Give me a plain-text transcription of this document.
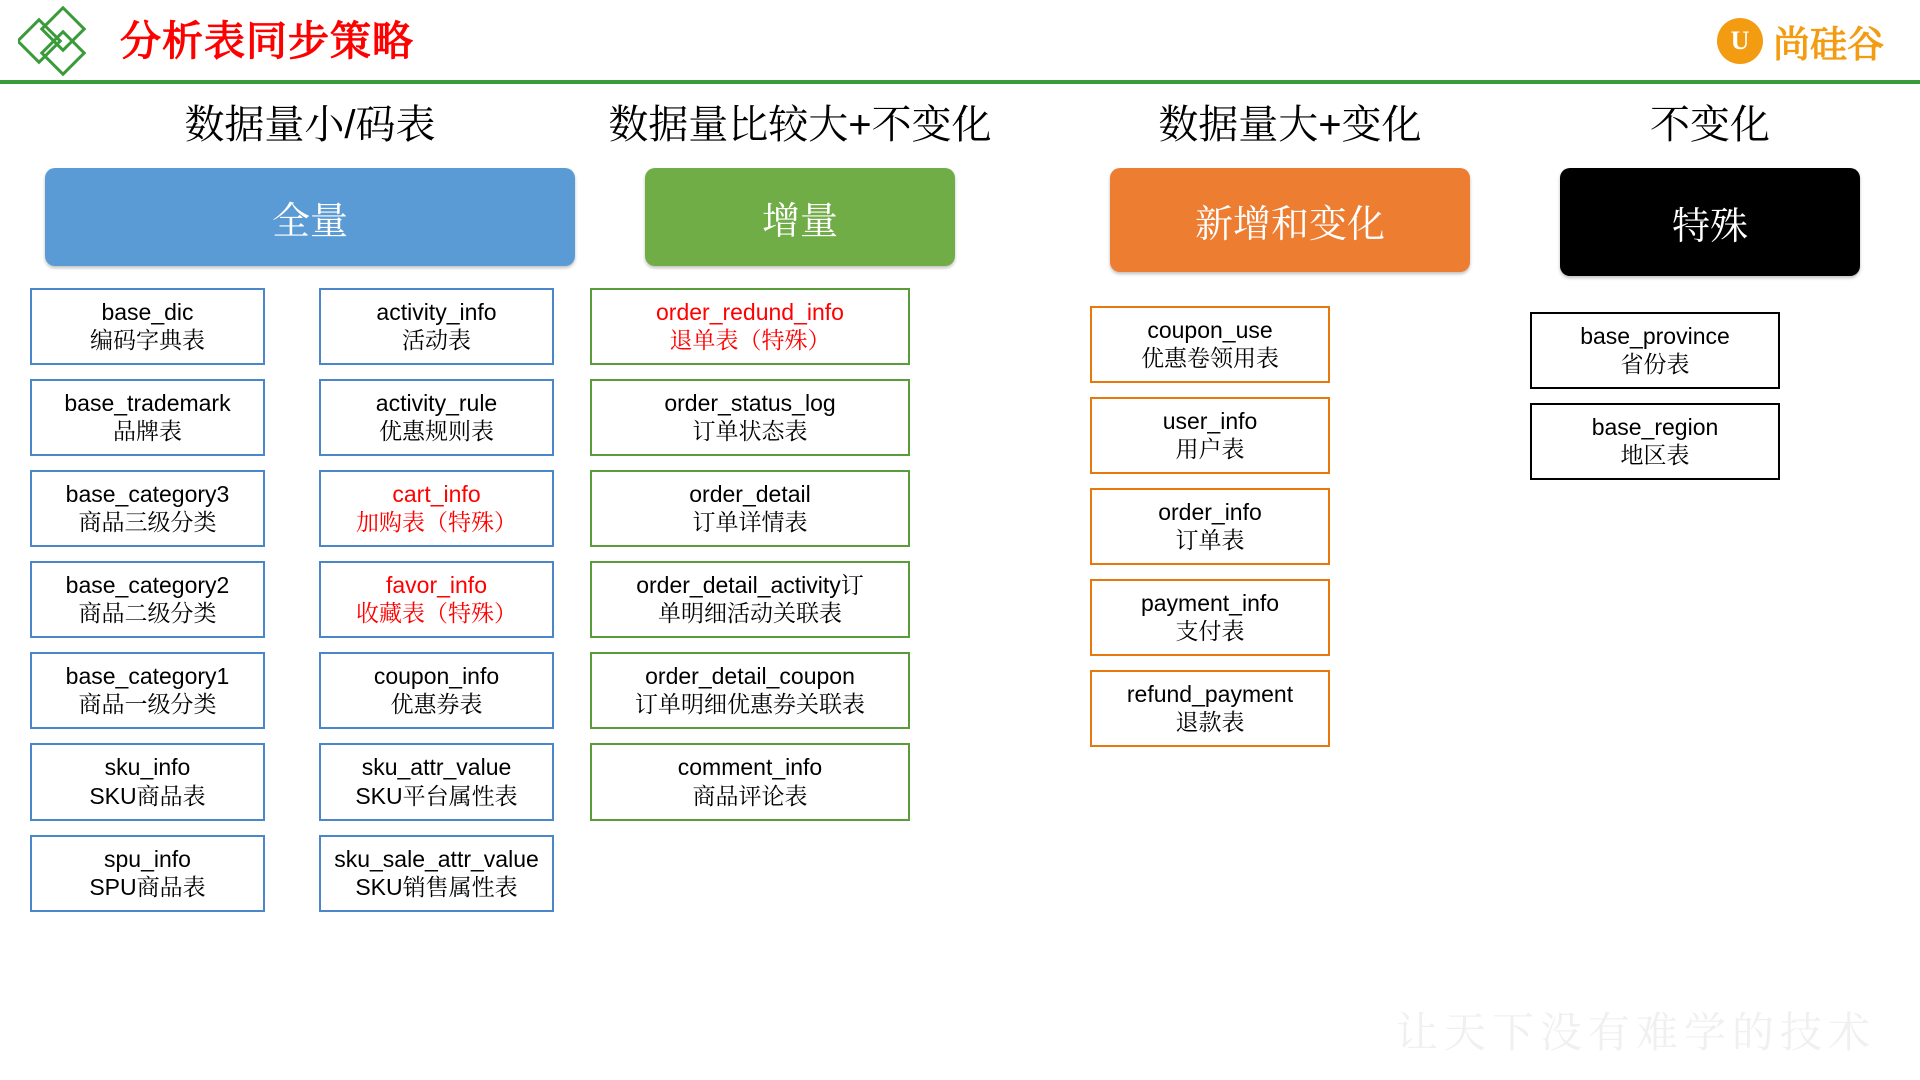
分析表同步策略	U 尚硅谷
数据量小/码表
全量
base_dic
编码字典表
base_trademark
品牌表
base_category3
商品三级分类
base_category2
商品二级分类
base_category1
商品一级分类
sku_info
SKU商品表
spu_info
SPU商品表
activity_info
活动表
activity_rule
优惠规则表
cart_info
加购表（特殊）
favor_info
收藏表（特殊）
coupon_info
优惠券表
sku_attr_value
SKU平台属性表
sku_sale_attr_value
SKU销售属性表
数据量比较大+不变化
增量
order_redund_info
退单表（特殊）
order_status_log
订单状态表
order_detail
订单详情表
order_detail_activity订
单明细活动关联表
order_detail_coupon
订单明细优惠券关联表
comment_info
商品评论表
数据量大+变化
新增和变化
coupon_use
优惠卷领用表
user_info
用户表
order_info
订单表
payment_info
支付表
refund_payment
退款表
不变化
特殊
base_province
省份表
base_region
地区表
让天下没有难学的技术
